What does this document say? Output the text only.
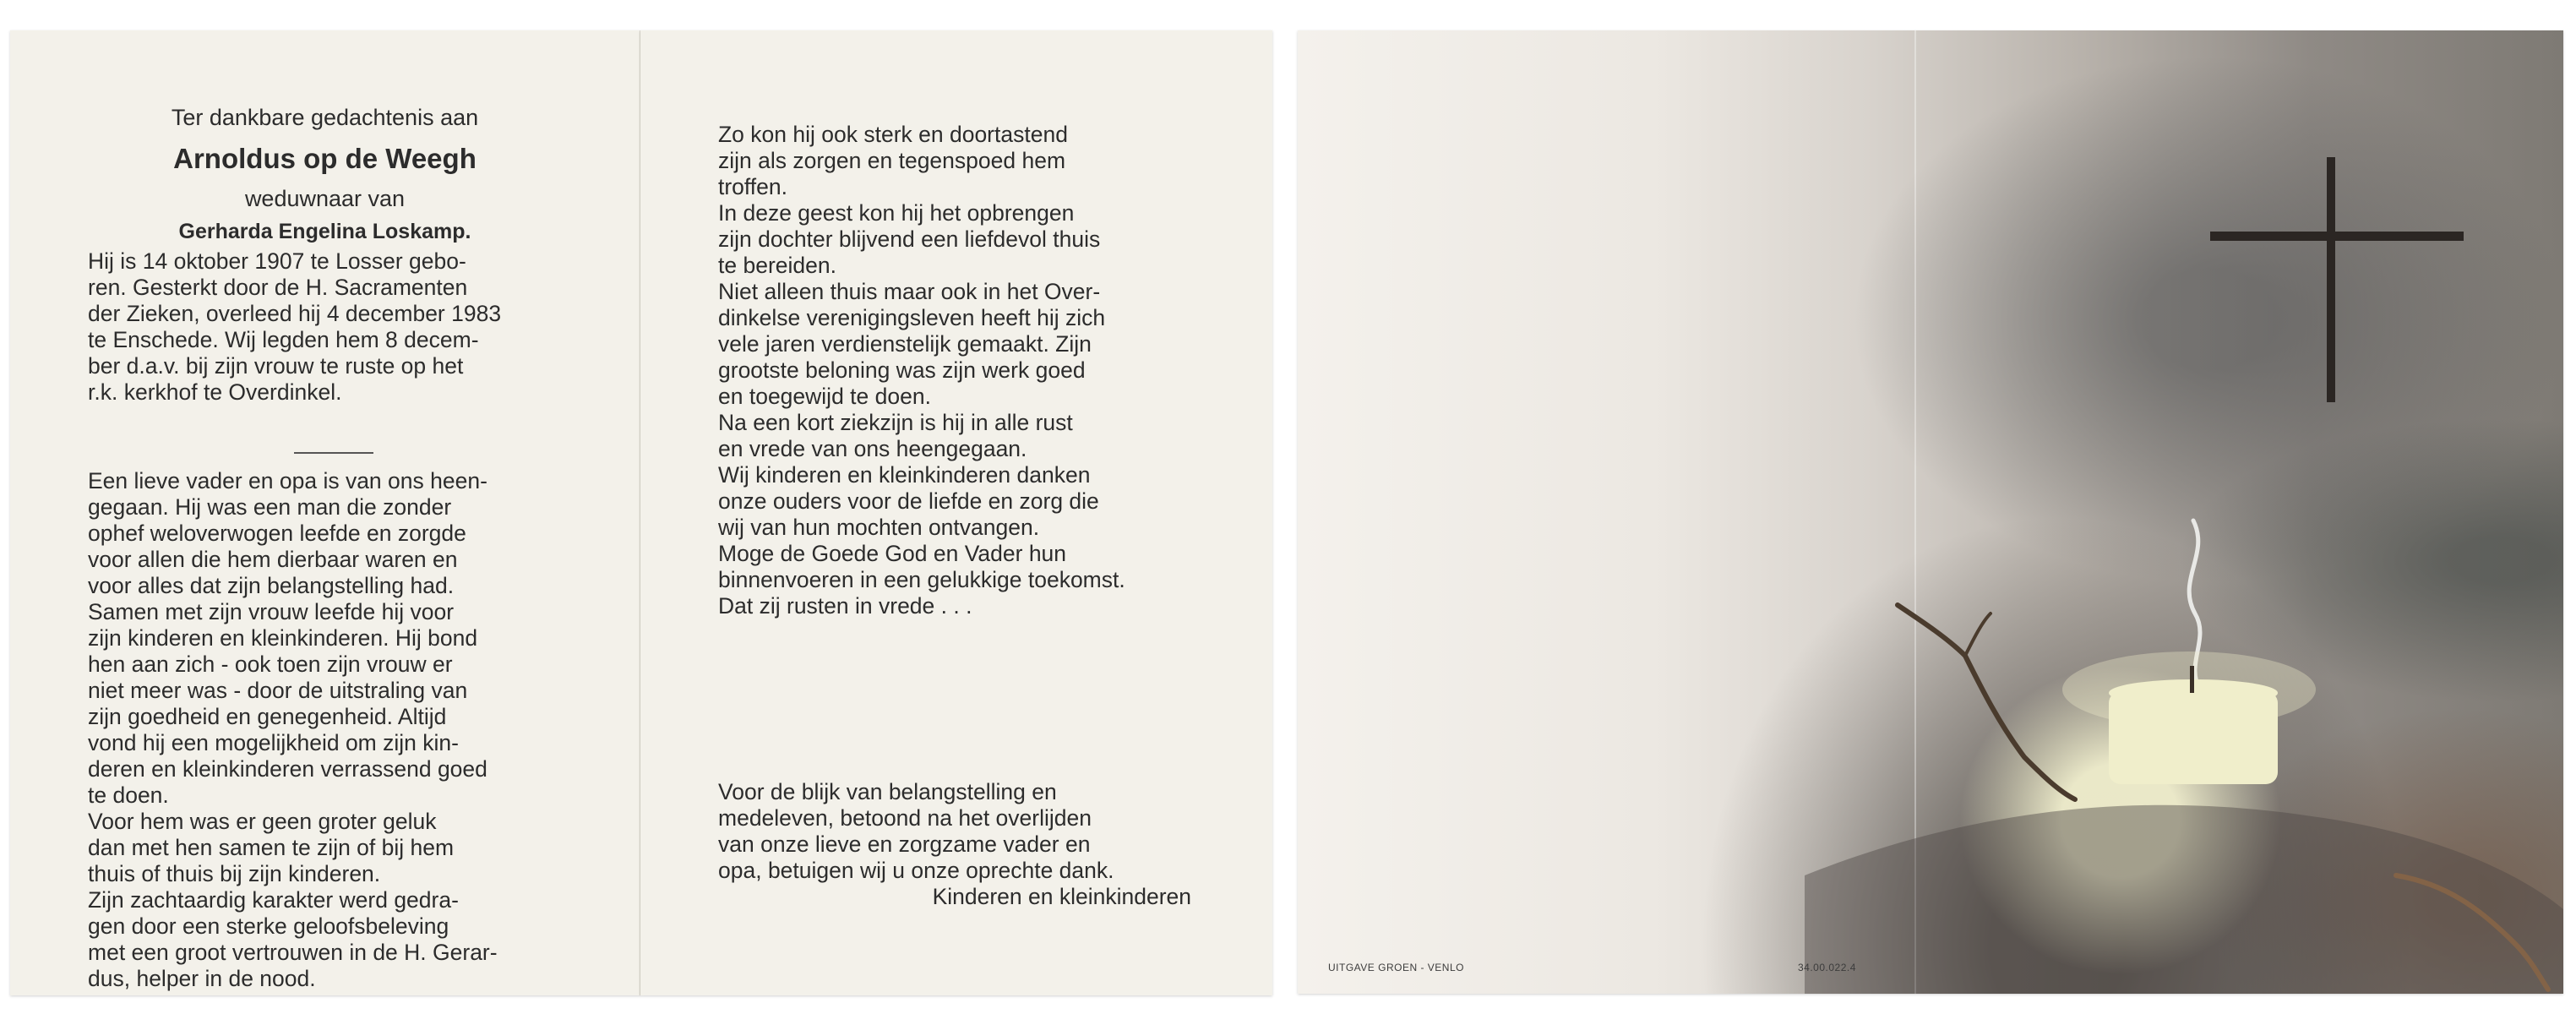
Ter dankbare gedachtenis aan
Arnoldus op de Weegh
weduwnaar van
Gerharda Engelina Loskamp.
Hij is 14 oktober 1907 te Losser gebo-
ren. Gesterkt door de H. Sacramenten
der Zieken, overleed hij 4 december 1983
te Enschede. Wij legden hem 8 decem-
ber d.a.v. bij zijn vrouw te ruste op het
r.k. kerkhof te Overdinkel.
Een lieve vader en opa is van ons heen-
gegaan. Hij was een man die zonder
ophef weloverwogen leefde en zorgde
voor allen die hem dierbaar waren en
voor alles dat zijn belangstelling had.
Samen met zijn vrouw leefde hij voor
zijn kinderen en kleinkinderen. Hij bond
hen aan zich - ook toen zijn vrouw er
niet meer was - door de uitstraling van
zijn goedheid en genegenheid. Altijd
vond hij een mogelijkheid om zijn kin-
deren en kleinkinderen verrassend goed
te doen.
Voor hem was er geen groter geluk
dan met hen samen te zijn of bij hem
thuis of thuis bij zijn kinderen.
Zijn zachtaardig karakter werd gedra-
gen door een sterke geloofsbeleving
met een groot vertrouwen in de H. Gerar-
dus, helper in de nood.
Zo kon hij ook sterk en doortastend
zijn als zorgen en tegenspoed hem
troffen.
In deze geest kon hij het opbrengen
zijn dochter blijvend een liefdevol thuis
te bereiden.
Niet alleen thuis maar ook in het Over-
dinkelse verenigingsleven heeft hij zich
vele jaren verdienstelijk gemaakt. Zijn
grootste beloning was zijn werk goed
en toegewijd te doen.
Na een kort ziekzijn is hij in alle rust
en vrede van ons heengegaan.
Wij kinderen en kleinkinderen danken
onze ouders voor de liefde en zorg die
wij van hun mochten ontvangen.
Moge de Goede God en Vader hun
binnenvoeren in een gelukkige toekomst.
Dat zij rusten in vrede . . .
Voor de blijk van belangstelling en
medeleven, betoond na het overlijden
van onze lieve en zorgzame vader en
opa, betuigen wij u onze oprechte dank.
Kinderen en kleinkinderen
UITGAVE GROEN - VENLO	34.00.022.4
